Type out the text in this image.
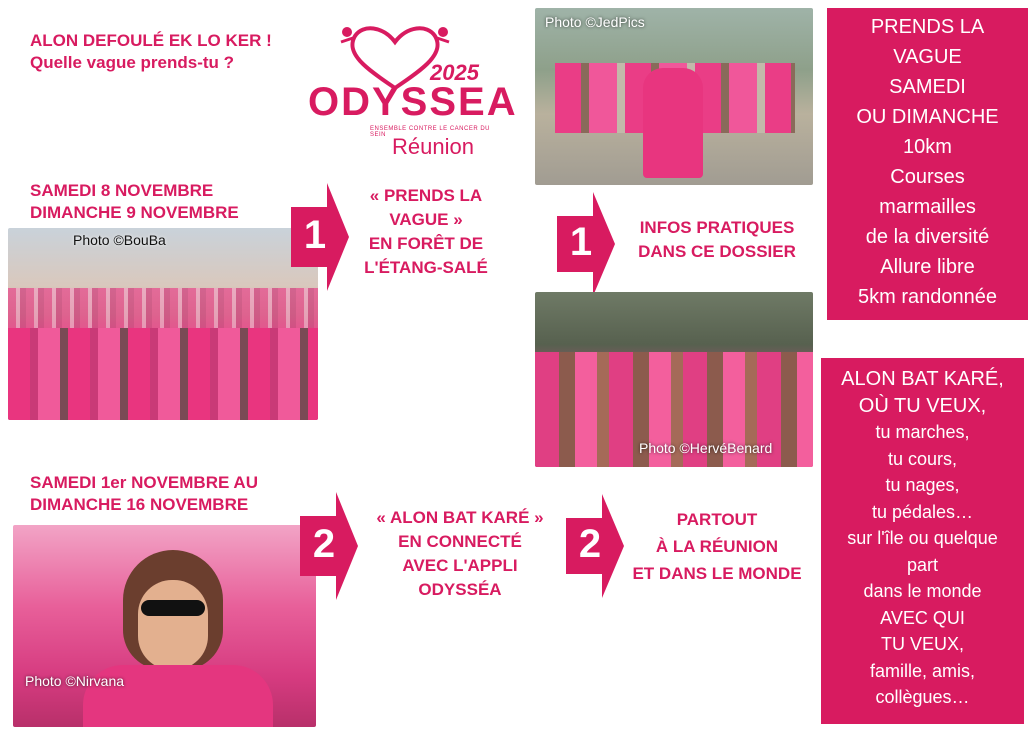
ALON DEFOULÉ EK LO KER !
Quelle vague prends-tu ?	2025
ODYSSEA
ENSEMBLE CONTRE LE CANCER DU SEIN Réunion
SAMEDI 8 NOVEMBRE
DIMANCHE 9 NOVEMBRE
Photo ©BouBa	1
« PRENDS LA
VAGUE »
EN FORÊT DE
L'ÉTANG-SALÉ
Photo ©JedPics
1	INFOS PRATIQUES
DANS CE DOSSIER
Photo ©HervéBenard
PRENDS LA
VAGUE
SAMEDI
OU DIMANCHE
10km
Courses
marmailles
de la diversité
Allure libre
5km randonnée
SAMEDI 1er NOVEMBRE AU
DIMANCHE 16 NOVEMBRE
Photo ©Nirvana
2
« ALON BAT KARÉ »
EN CONNECTÉ
AVEC L'APPLI
ODYSSÉA
2
PARTOUT
À LA RÉUNION
ET DANS LE MONDE
ALON BAT KARÉ,
OÙ TU VEUX,
tu marches,
tu cours,
tu nages,
tu pédales…
sur l'île ou quelque
part
dans le monde
AVEC QUI
TU VEUX,
famille, amis,
collègues…
